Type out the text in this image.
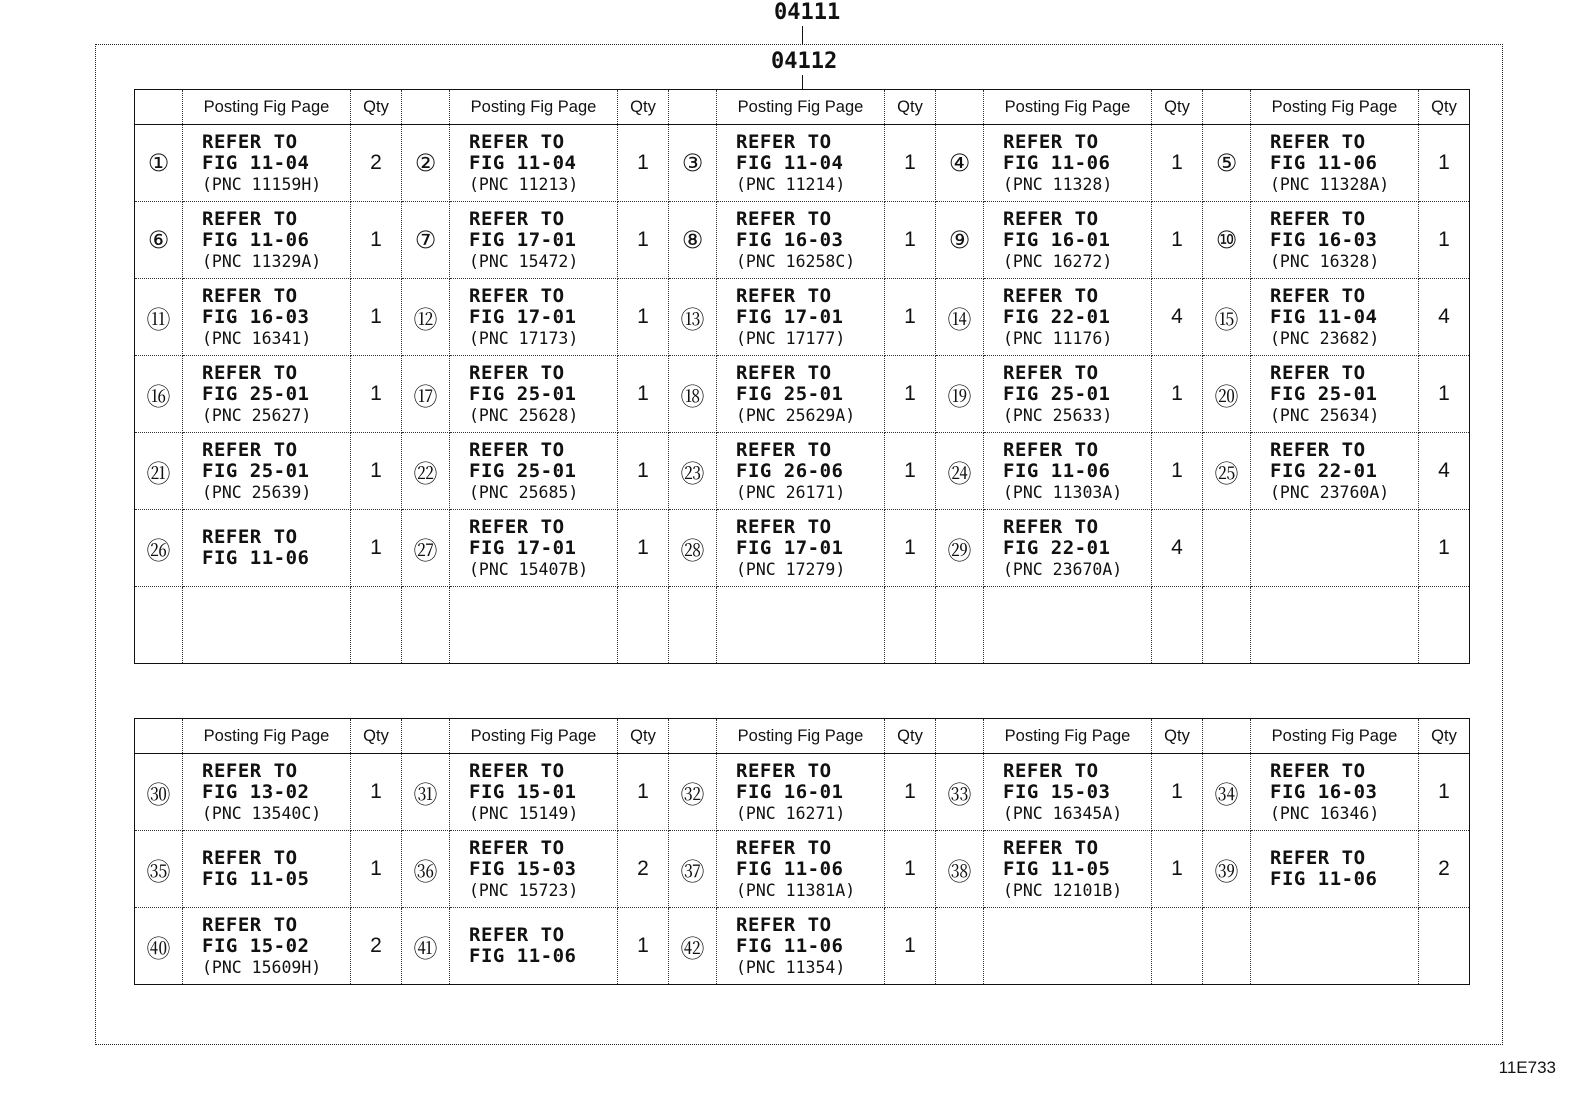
04111
04112
	Posting Fig Page	Qty		Posting Fig Page	Qty		Posting Fig Page	Qty		Posting Fig Page	Qty		Posting Fig Page	Qty
①	REFER TO
FIG 11-04
(PNC 11159H)	2	②	REFER TO
FIG 11-04
(PNC 11213)	1	③	REFER TO
FIG 11-04
(PNC 11214)	1	④	REFER TO
FIG 11-06
(PNC 11328)	1	⑤	REFER TO
FIG 11-06
(PNC 11328A)	1
⑥	REFER TO
FIG 11-06
(PNC 11329A)	1	⑦	REFER TO
FIG 17-01
(PNC 15472)	1	⑧	REFER TO
FIG 16-03
(PNC 16258C)	1	⑨	REFER TO
FIG 16-01
(PNC 16272)	1	⑩	REFER TO
FIG 16-03
(PNC 16328)	1
⑪	REFER TO
FIG 16-03
(PNC 16341)	1	⑫	REFER TO
FIG 17-01
(PNC 17173)	1	⑬	REFER TO
FIG 17-01
(PNC 17177)	1	⑭	REFER TO
FIG 22-01
(PNC 11176)	4	⑮	REFER TO
FIG 11-04
(PNC 23682)	4
⑯	REFER TO
FIG 25-01
(PNC 25627)	1	⑰	REFER TO
FIG 25-01
(PNC 25628)	1	⑱	REFER TO
FIG 25-01
(PNC 25629A)	1	⑲	REFER TO
FIG 25-01
(PNC 25633)	1	⑳	REFER TO
FIG 25-01
(PNC 25634)	1
㉑	REFER TO
FIG 25-01
(PNC 25639)	1	㉒	REFER TO
FIG 25-01
(PNC 25685)	1	㉓	REFER TO
FIG 26-06
(PNC 26171)	1	㉔	REFER TO
FIG 11-06
(PNC 11303A)	1	㉕	REFER TO
FIG 22-01
(PNC 23760A)	4
㉖	REFER TO
FIG 11-06	1	㉗	REFER TO
FIG 17-01
(PNC 15407B)	1	㉘	REFER TO
FIG 17-01
(PNC 17279)	1	㉙	REFER TO
FIG 22-01
(PNC 23670A)	4			1

	Posting Fig Page	Qty		Posting Fig Page	Qty		Posting Fig Page	Qty		Posting Fig Page	Qty		Posting Fig Page	Qty
㉚	REFER TO
FIG 13-02
(PNC 13540C)	1	㉛	REFER TO
FIG 15-01
(PNC 15149)	1	㉜	REFER TO
FIG 16-01
(PNC 16271)	1	㉝	REFER TO
FIG 15-03
(PNC 16345A)	1	㉞	REFER TO
FIG 16-03
(PNC 16346)	1
㉟	REFER TO
FIG 11-05	1	㊱	REFER TO
FIG 15-03
(PNC 15723)	2	㊲	REFER TO
FIG 11-06
(PNC 11381A)	1	㊳	REFER TO
FIG 11-05
(PNC 12101B)	1	㊴	REFER TO
FIG 11-06	2
㊵	REFER TO
FIG 15-02
(PNC 15609H)	2	㊶	REFER TO
FIG 11-06	1	㊷	REFER TO
FIG 11-06
(PNC 11354)	1		

11E733
